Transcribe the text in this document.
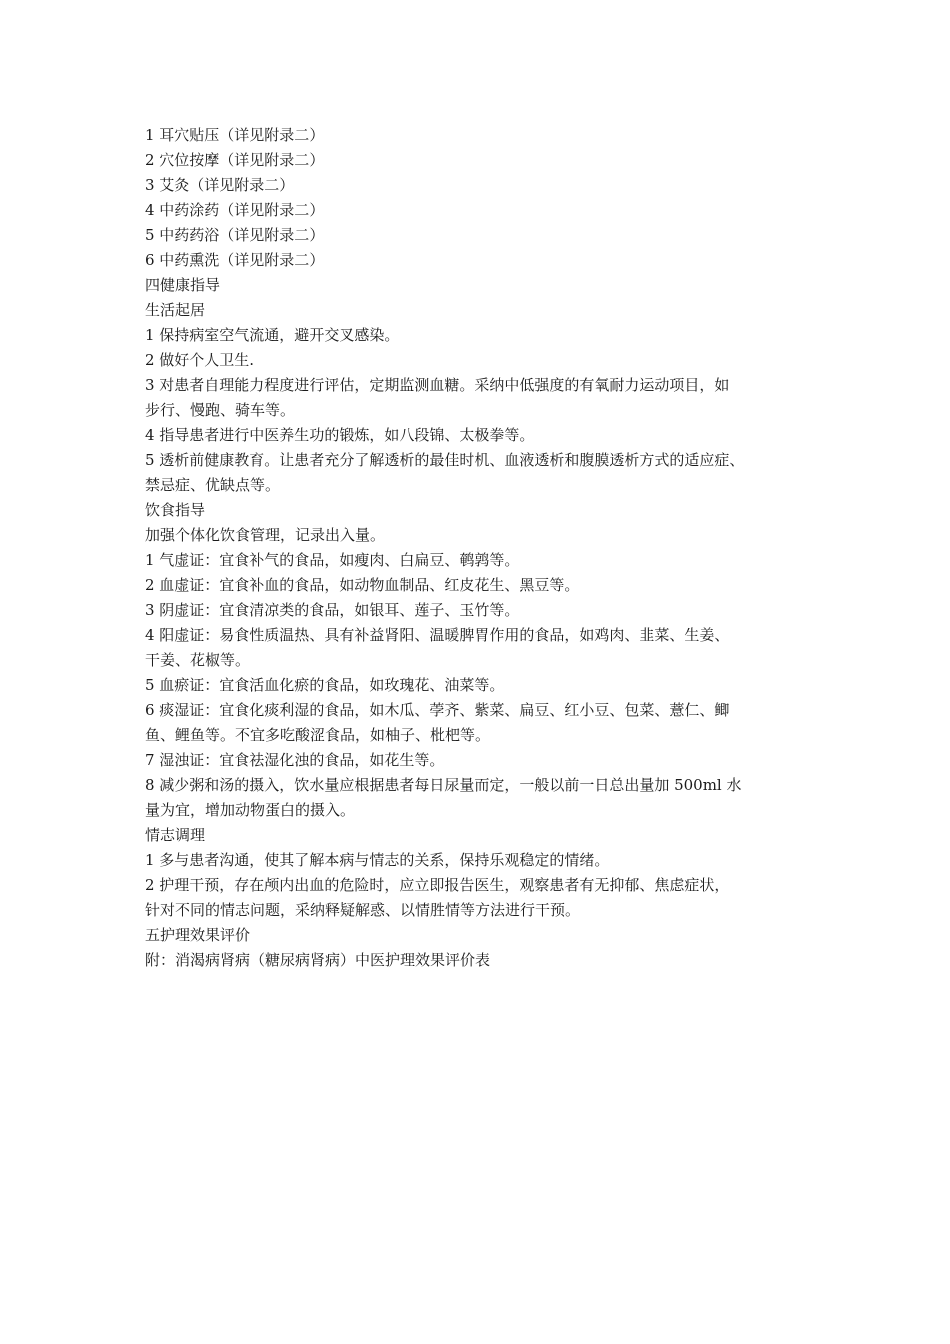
1 耳穴贴压（详见附录二）
2 穴位按摩（详见附录二）
3 艾灸（详见附录二）
4 中药涂药（详见附录二）
5 中药药浴（详见附录二）
6 中药熏洗（详见附录二）
四健康指导
生活起居
1 保持病室空气流通，避开交叉感染。
2 做好个人卫生.
3 对患者自理能力程度进行评估，定期监测血糖。采纳中低强度的有氧耐力运动项目，如
步行、慢跑、骑车等。
4 指导患者进行中医养生功的锻炼，如八段锦、太极拳等。
5 透析前健康教育。让患者充分了解透析的最佳时机、血液透析和腹膜透析方式的适应症、
禁忌症、优缺点等。
饮食指导
加强个体化饮食管理，记录出入量。
1 气虚证：宜食补气的食品，如瘦肉、白扁豆、鹌鹑等。
2 血虚证：宜食补血的食品，如动物血制品、红皮花生、黑豆等。
3 阴虚证：宜食清凉类的食品，如银耳、莲子、玉竹等。
4 阳虚证：易食性质温热、具有补益肾阳、温暖脾胃作用的食品，如鸡肉、韭菜、生姜、
干姜、花椒等。
5 血瘀证：宜食活血化瘀的食品，如玫瑰花、油菜等。
6 痰湿证：宜食化痰利湿的食品，如木瓜、荸齐、紫菜、扁豆、红小豆、包菜、薏仁、鲫
鱼、鲤鱼等。不宜多吃酸涩食品，如柚子、枇杷等。
7 湿浊证：宜食祛湿化浊的食品，如花生等。
8 减少粥和汤的摄入，饮水量应根据患者每日尿量而定，一般以前一日总出量加 500ml 水
量为宜，增加动物蛋白的摄入。
情志调理
1 多与患者沟通，使其了解本病与情志的关系，保持乐观稳定的情绪。
2 护理干预，存在颅内出血的危险时，应立即报告医生，观察患者有无抑郁、焦虑症状，
针对不同的情志问题，采纳释疑解惑、以情胜情等方法进行干预。
五护理效果评价
附：消渴病肾病（糖尿病肾病）中医护理效果评价表
